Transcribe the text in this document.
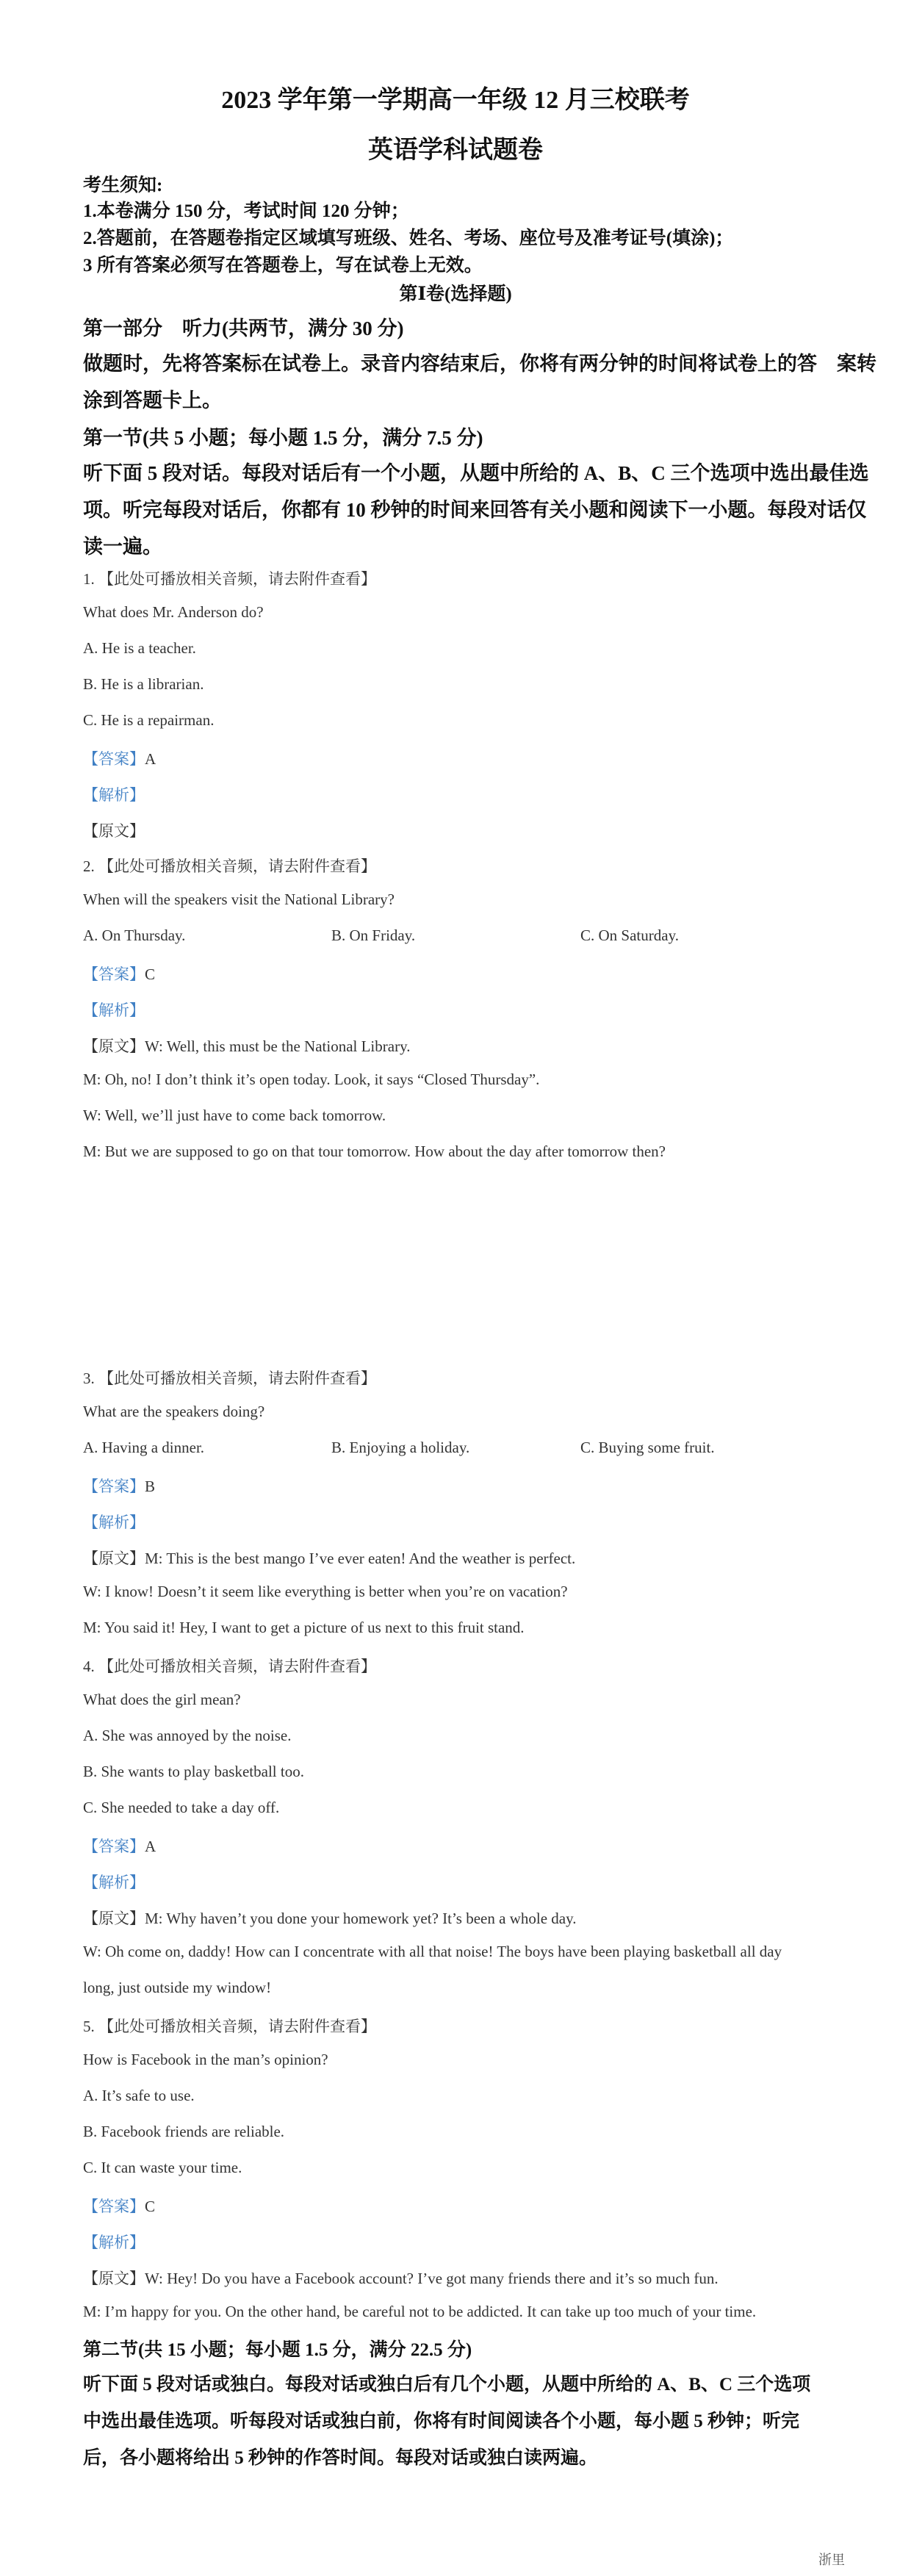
2023 学年第一学期高一年级 12 月三校联考
英语学科试题卷
考生须知:
1.本卷满分 150 分，考试时间 120 分钟；
2.答题前，在答题卷指定区域填写班级、姓名、考场、座位号及准考证号(填涂)；
3 所有答案必须写在答题卷上，写在试卷上无效。
第Ⅰ卷(选择题)
第一部分　听力(共两节，满分 30 分)
做题时，先将答案标在试卷上。录音内容结束后，你将有两分钟的时间将试卷上的答　案转
涂到答题卡上。
第一节(共 5 小题；每小题 1.5 分，满分 7.5 分)
听下面 5 段对话。每段对话后有一个小题，从题中所给的 A、B、C 三个选项中选出最佳选
项。听完每段对话后，你都有 10 秒钟的时间来回答有关小题和阅读下一小题。每段对话仅
读一遍。
1. 【此处可播放相关音频，请去附件查看】
What does Mr. Anderson do?
A. He is a teacher.
B. He is a librarian.
C. He is a repairman.
【答案】A
【解析】
【原文】
2. 【此处可播放相关音频，请去附件查看】
When will the speakers visit the National Library?
A. On Thursday.	B. On Friday.	C. On Saturday.
【答案】C
【解析】
【原文】W: Well, this must be the National Library.
M: Oh, no! I don’t think it’s open today. Look, it says “Closed Thursday”.
W: Well, we’ll just have to come back tomorrow.
M: But we are supposed to go on that tour tomorrow. How about the day after tomorrow then?
3. 【此处可播放相关音频，请去附件查看】
What are the speakers doing?
A. Having a dinner.	B. Enjoying a holiday.	C. Buying some fruit.
【答案】B
【解析】
【原文】M: This is the best mango I’ve ever eaten! And the weather is perfect.
W: I know! Doesn’t it seem like everything is better when you’re on vacation?
M: You said it! Hey, I want to get a picture of us next to this fruit stand.
4. 【此处可播放相关音频，请去附件查看】
What does the girl mean?
A. She was annoyed by the noise.
B. She wants to play basketball too.
C. She needed to take a day off.
【答案】A
【解析】
【原文】M: Why haven’t you done your homework yet? It’s been a whole day.
W: Oh come on, daddy! How can I concentrate with all that noise! The boys have been playing basketball all day
long, just outside my window!
5. 【此处可播放相关音频，请去附件查看】
How is Facebook in the man’s opinion?
A. It’s safe to use.
B. Facebook friends are reliable.
C. It can waste your time.
【答案】C
【解析】
【原文】W: Hey! Do you have a Facebook account? I’ve got many friends there and it’s so much fun.
M: I’m happy for you. On the other hand, be careful not to be addicted. It can take up too much of your time.
第二节(共 15 小题；每小题 1.5 分，满分 22.5 分)
听下面 5 段对话或独白。每段对话或独白后有几个小题，从题中所给的 A、B、C 三个选项
中选出最佳选项。听每段对话或独白前，你将有时间阅读各个小题，每小题 5 秒钟；听完
后，各小题将给出 5 秒钟的作答时间。每段对话或独白读两遍。
浙里
